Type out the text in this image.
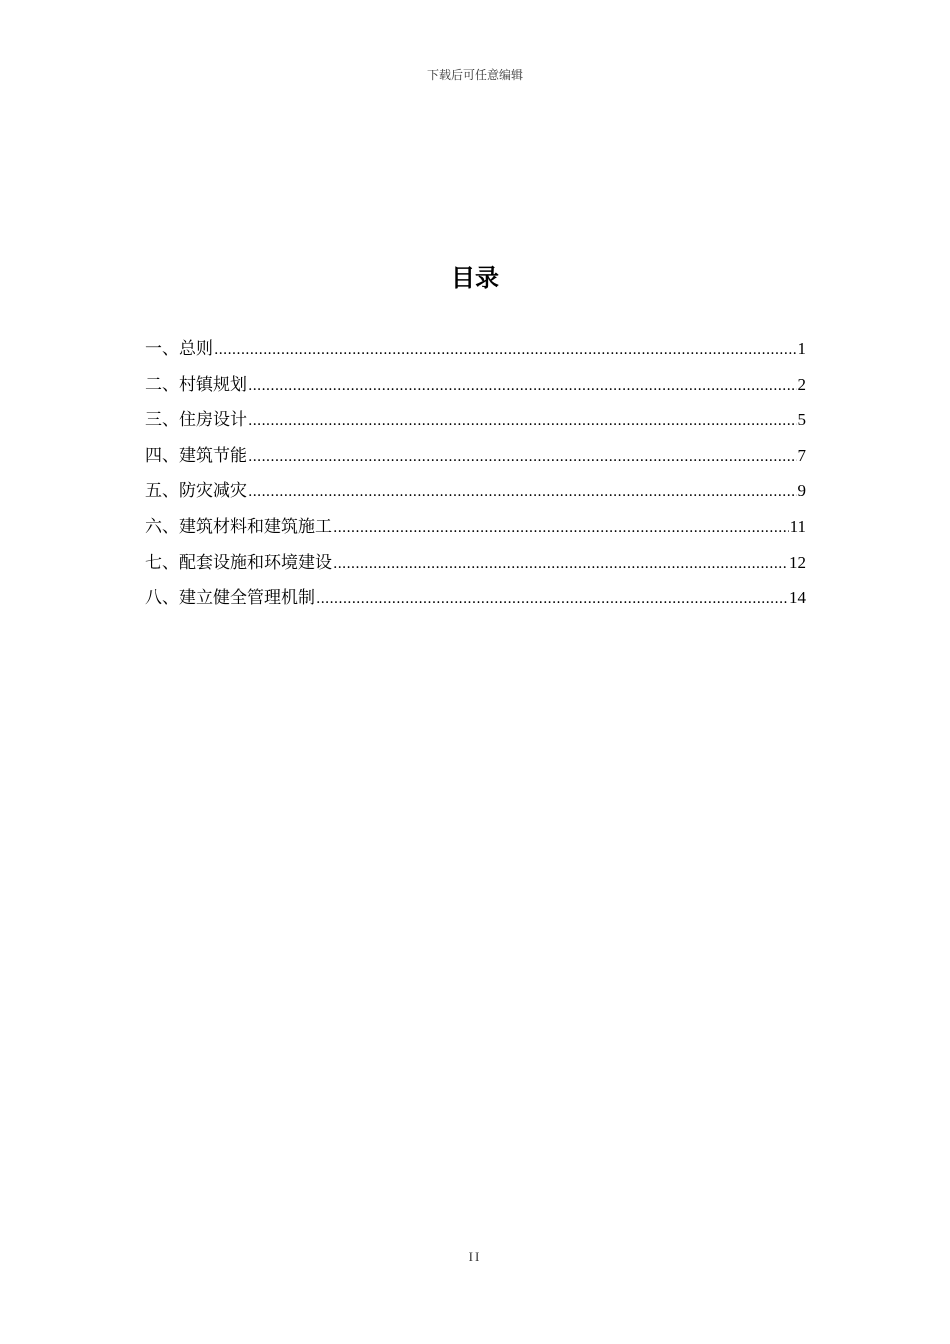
下载后可任意编辑
目录
一、总则 .....	1
二、村镇规划 .....	2
三、住房设计 .....	5
四、建筑节能 .....	7
五、防灾减灾 .....	9
六、建筑材料和建筑施工 .....	11
七、配套设施和环境建设 .....	12
八、建立健全管理机制 .....	14
II
